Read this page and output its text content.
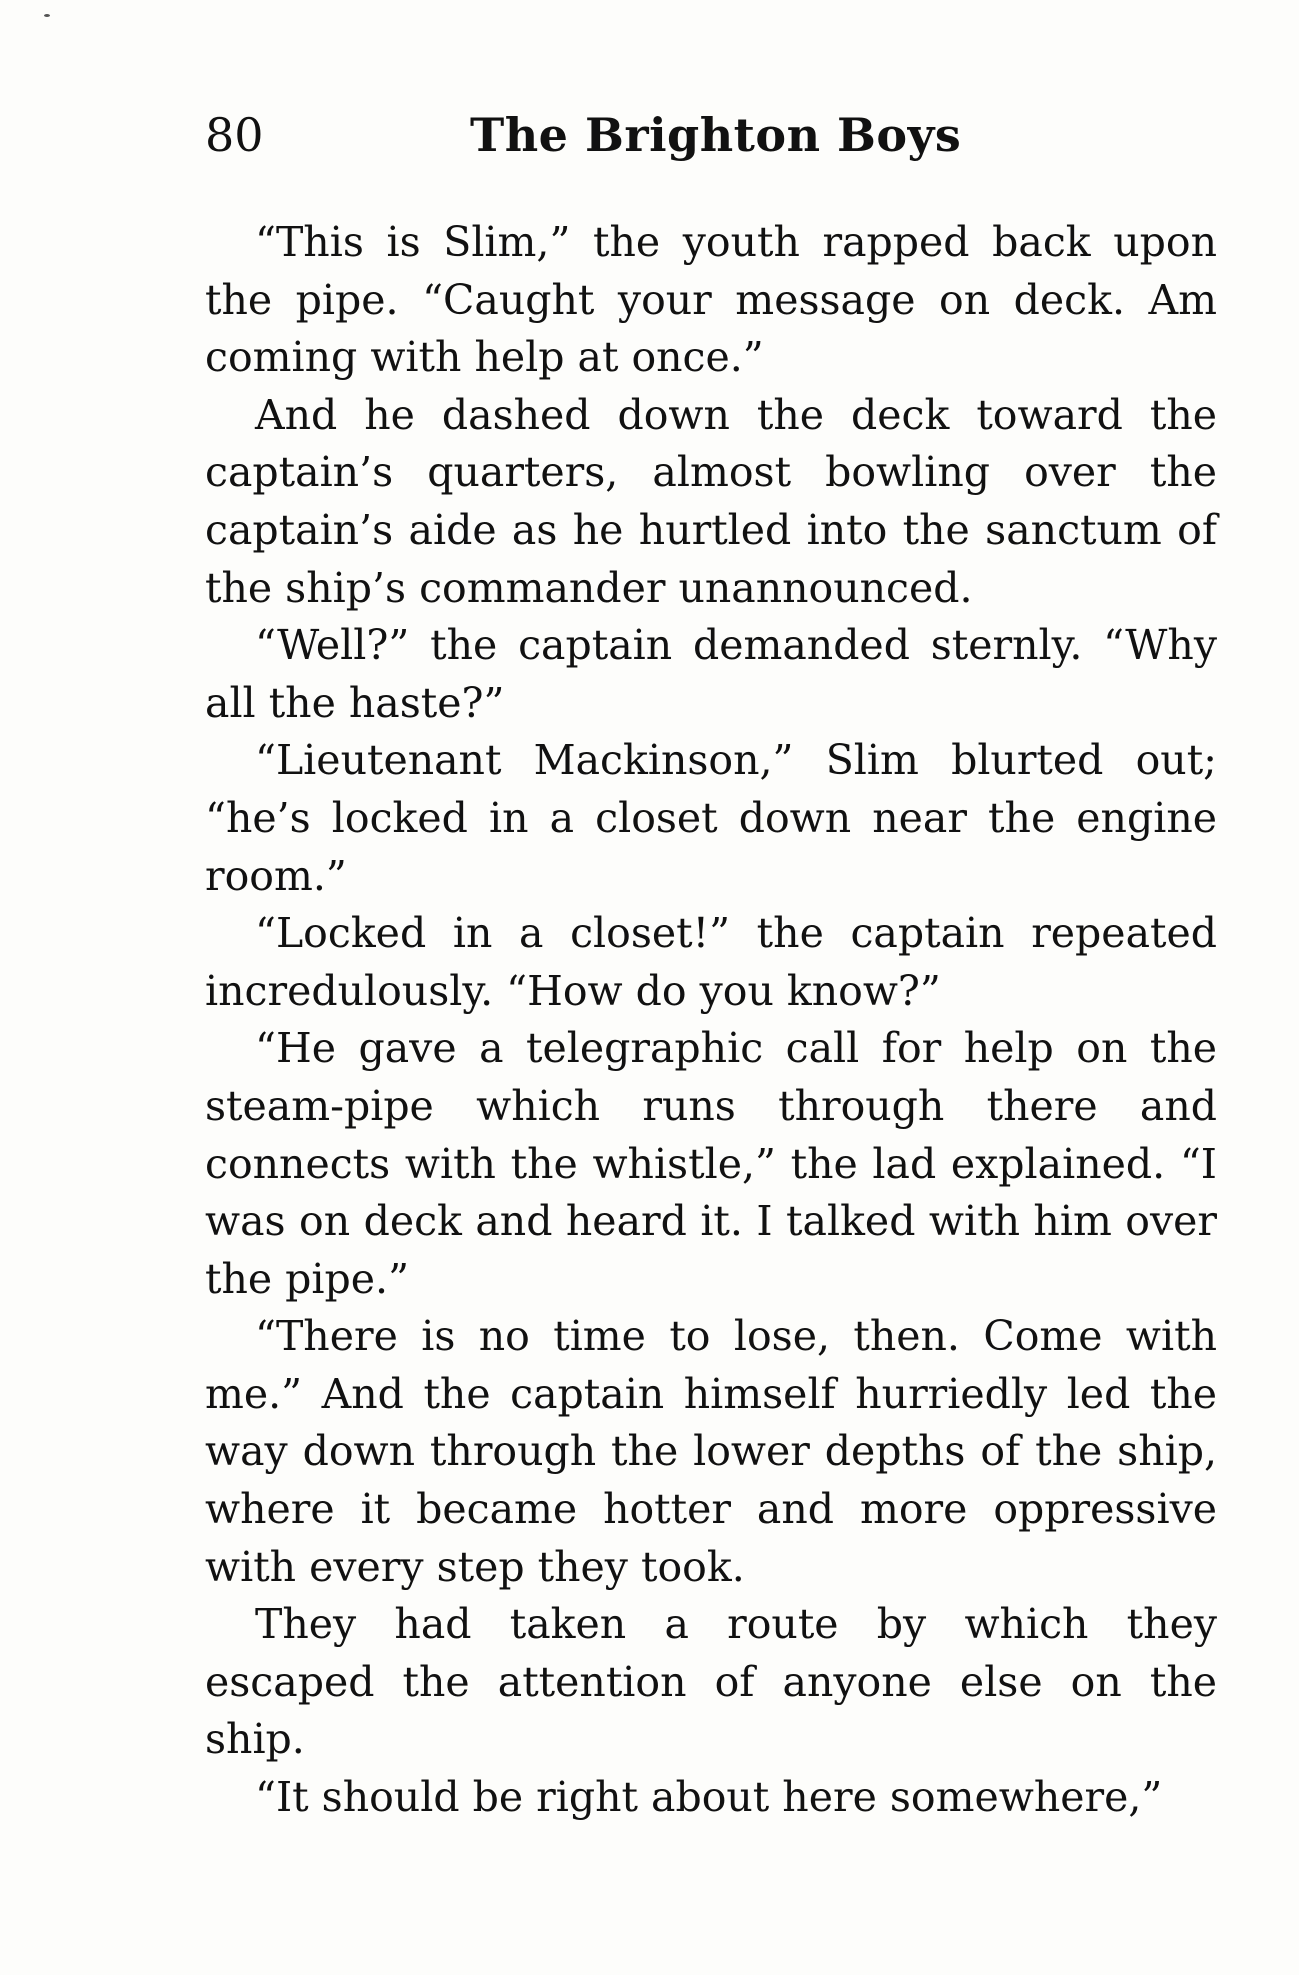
80	The Brighton Boys

“This is Slim,” the youth rapped back upon the pipe. “Caught your message on deck. Am coming with help at once.”

And he dashed down the deck toward the captain’s quarters, almost bowling over the captain’s aide as he hurtled into the sanctum of the ship’s commander unannounced.

“Well?” the captain demanded sternly. “Why all the haste?”

“Lieutenant Mackinson,” Slim blurted out; “he’s locked in a closet down near the engine room.”

“Locked in a closet!” the captain repeated incredulously. “How do you know?”

“He gave a telegraphic call for help on the steam-pipe which runs through there and connects with the whistle,” the lad explained. “I was on deck and heard it. I talked with him over the pipe.”

“There is no time to lose, then. Come with me.” And the captain himself hurriedly led the way down through the lower depths of the ship, where it became hotter and more oppressive with every step they took.

They had taken a route by which they escaped the attention of anyone else on the ship.

“It should be right about here somewhere,”
